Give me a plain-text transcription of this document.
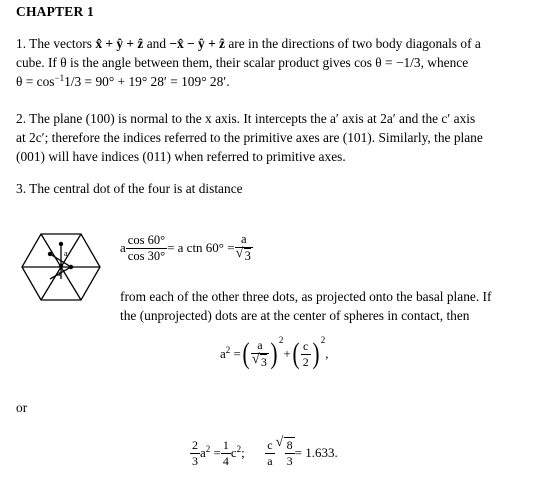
CHAPTER 1
1. The vectors x̂ + ŷ + ẑ and −x̂ − ŷ + ẑ are in the directions of two body diagonals of a
cube. If θ is the angle between them, their scalar product gives cos θ = −1/3, whence
$\theta = \cos^{-1}1/3 = 90^\circ + 19^\circ$ 28′ = 109° 28′.
2. The plane (100) is normal to the x axis. It intercepts the a′ axis at 2a′ and the c′ axis
at 2c′; therefore the indices referred to the primitive axes are (101). Similarly, the plane
(001) will have indices (011) when referred to primitive axes.
3. The central dot of the four is at distance
a
a
a $\frac{\cos 60^\circ}{\cos 30^\circ} = a$ ctn 60° = a
√ 3
from each of the other three dots, as projected onto the basal plane. If
the (unprojected) dots are at the center of spheres in contact, then
$a^2$ =( a
√ 3 ) $^2+( \frac{c}{2}$ ) $^2$,
or
$\frac{2}{3} a^2 = \frac{1}{4} c^2$; $\frac{c}{a}$
√ $\frac{8}{3} = 1.633$.
